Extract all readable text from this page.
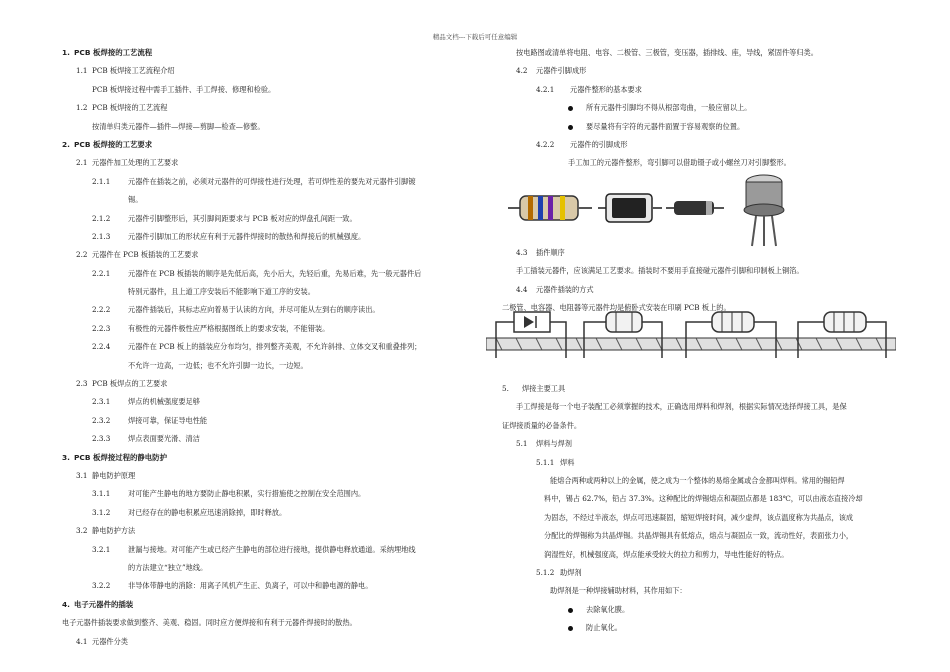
精品文档---下载后可任意编辑
1. PCB 板焊接的工艺流程
1.1 PCB 板焊接工艺流程介绍
PCB 板焊接过程中需手工插件、手工焊接、修理和检验。
1.2 PCB 板焊接的工艺流程
按清单归类元器件—插件—焊接—剪脚—检查—修整。
2. PCB 板焊接的工艺要求
2.1 元器件加工处理的工艺要求
2.1.1 元器件在插装之前，必须对元器件的可焊接性进行处理，若可焊性差的要先对元器件引脚镀
锡。
2.1.2 元器件引脚整形后，其引脚间距要求与 PCB 板对应的焊盘孔间距一致。
2.1.3 元器件引脚加工的形状应有利于元器件焊接时的散热和焊接后的机械强度。
2.2 元器件在 PCB 板插装的工艺要求
2.2.1 元器件在 PCB 板插装的顺序是先低后高，先小后大，先轻后重，先易后难，先一般元器件后
特别元器件，且上道工序安装后不能影响下道工序的安装。
2.2.2 元器件插装后，其标志应向着易于认读的方向，并尽可能从左到右的顺序读出。
2.2.3 有极性的元器件极性应严格根据图纸上的要求安装，不能错装。
2.2.4 元器件在 PCB 板上的插装应分布均匀，排列整齐美观，不允许斜排、立体交叉和重叠排列；
不允许一边高，一边低；也不允许引脚一边长，一边短。
2.3 PCB 板焊点的工艺要求
2.3.1 焊点的机械强度要足够
2.3.2 焊接可靠，保证导电性能
2.3.3 焊点表面要光滑、清洁
3. PCB 板焊接过程的静电防护
3.1 静电防护原理
3.1.1 对可能产生静电的地方要防止静电积累，实行措施使之控制在安全范围内。
3.1.2 对已经存在的静电积累应迅速消除掉，即时释放。
3.2 静电防护方法
3.2.1 泄漏与接地。对可能产生或已经产生静电的部位进行接地，提供静电释放通道。采纳埋地线
的方法建立“独立”地线。
3.2.2 非导体带静电的消除：用离子风机产生正、负离子，可以中和静电源的静电。
4. 电子元器件的插装
电子元器件插装要求做到整齐、美观、稳固。同时应方便焊接和有利于元器件焊接时的散热。
4.1 元器件分类
按电路图或清单将电阻、电容、二极管、三极管，变压器，插排线、座，导线，紧固件等归类。
4.2 元器件引脚成形
4.2.1 元器件整形的基本要求
所有元器件引脚均不得从根部弯曲，一般应留以上。
要尽量将有字符的元器件面置于容易观察的位置。
4.2.2 元器件的引脚成形
手工加工的元器件整形，弯引脚可以借助镊子或小螺丝刀对引脚整形。
4.3 插件顺序
手工插装元器件，应该满足工艺要求。插装时不要用手直接碰元器件引脚和印制板上铜箔。
4.4 元器件插装的方式
二极管、电容器、电阻器等元器件均是俯卧式安装在印刷 PCB 板上的。
5. 焊接主要工具
手工焊接是每一个电子装配工必须掌握的技术，正确选用焊料和焊剂，根据实际情况选择焊接工具，是保
证焊接质量的必备条件。
5.1 焊料与焊剂
5.1.1 焊料
能熔合两种或两种以上的金属，使之成为一个整体的易熔金属或合金都叫焊料。常用的锡铅焊
料中，锡占 62.7%，铅占 37.3%。这种配比的焊锡熔点和凝固点都是 183℃，可以由液态直接冷却
为固态，不经过半液态，焊点可迅速凝固，缩短焊接时间，减少虚焊，该点温度称为共晶点，该成
分配比的焊锡称为共晶焊锡。共晶焊锡具有低熔点，熔点与凝固点一致，流动性好，表面张力小，
润湿性好，机械强度高，焊点能承受较大的拉力和剪力，导电性能好的特点。
5.1.2 助焊剂
助焊剂是一种焊接辅助材料，其作用如下：
去除氧化膜。
防止氧化。
